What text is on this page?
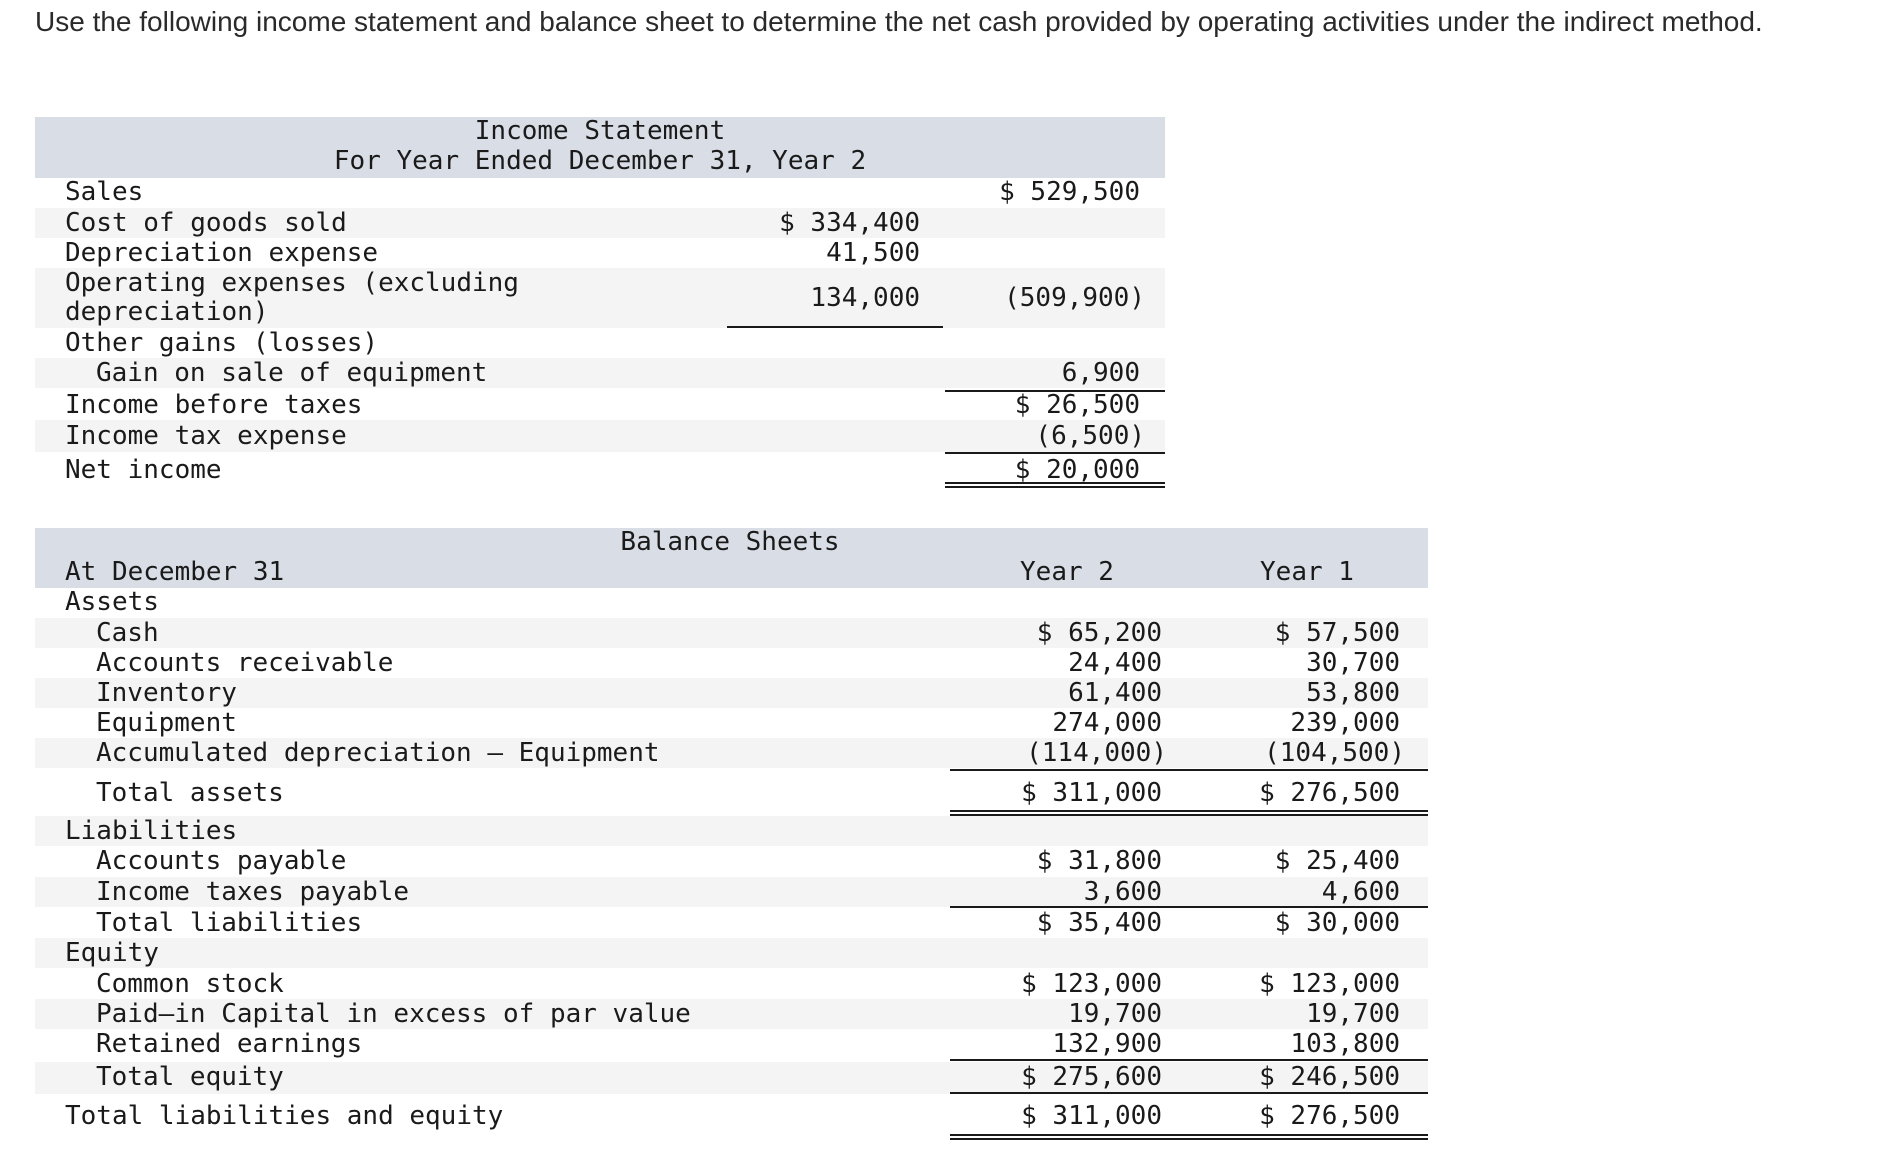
Use the following income statement and balance sheet to determine the net cash provided by operating activities under the indirect method.
Income Statement
For Year Ended December 31, Year 2
Sales	$ 529,500
Cost of goods sold	$ 334,400
Depreciation expense	41,500
Operating expenses (excluding
depreciation)	134,000	(509,900)
Other gains (losses)
Gain on sale of equipment	6,900
Income before taxes	$ 26,500
Income tax expense	(6,500)
Net income	$ 20,000
Balance Sheets
At December 31	Year 2	Year 1
Assets
Cash	$ 65,200	$ 57,500
Accounts receivable	24,400	30,700
Inventory	61,400	53,800
Equipment	274,000	239,000
Accumulated depreciation – Equipment	(114,000)	(104,500)
Total assets	$ 311,000	$ 276,500
Liabilities
Accounts payable	$ 31,800	$ 25,400
Income taxes payable	3,600	4,600
Total liabilities	$ 35,400	$ 30,000
Equity
Common stock	$ 123,000	$ 123,000
Paid–in Capital in excess of par value	19,700	19,700
Retained earnings	132,900	103,800
Total equity	$ 275,600	$ 246,500
Total liabilities and equity	$ 311,000	$ 276,500
